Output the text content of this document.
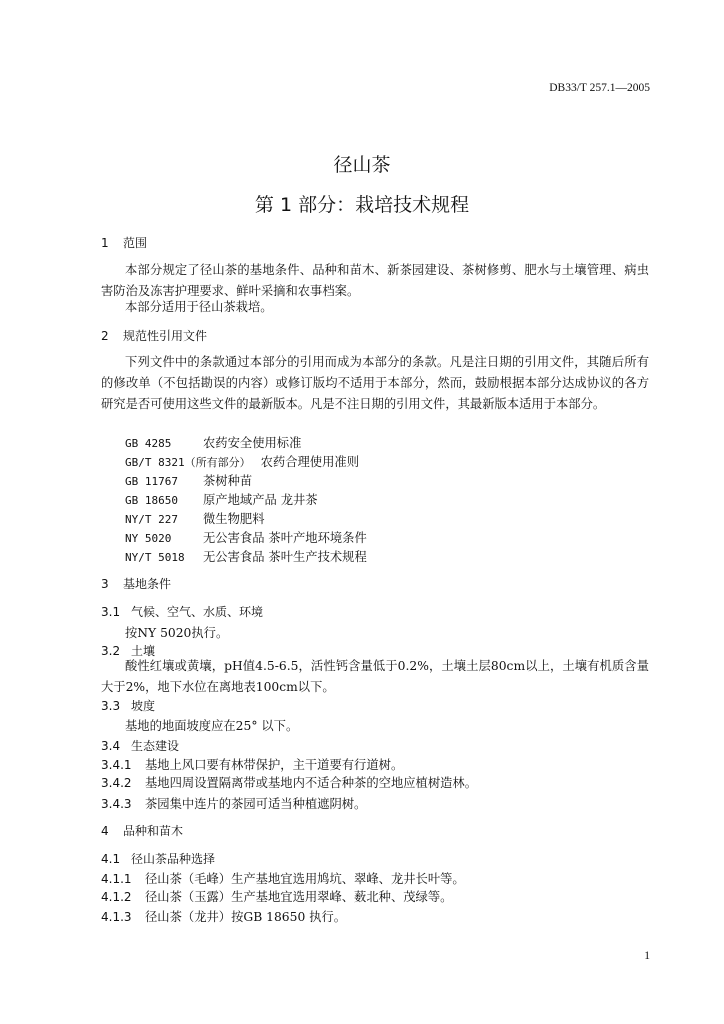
DB33/T 257.1—2005
径山茶
第 1 部分：栽培技术规程
1 范围
本部分规定了径山茶的基地条件、品种和苗木、新茶园建设、茶树修剪、肥水与土壤管理、病虫害防治及冻害护理要求、鲜叶采摘和农事档案。
本部分适用于径山茶栽培。
2 规范性引用文件
下列文件中的条款通过本部分的引用而成为本部分的条款。凡是注日期的引用文件，其随后所有的修改单（不包括勘误的内容）或修订版均不适用于本部分，然而，鼓励根据本部分达成协议的各方研究是否可使用这些文件的最新版本。凡是不注日期的引用文件，其最新版本适用于本部分。
GB 4285	农药安全使用标准
GB/T 8321（所有部分） 农药合理使用准则
GB 11767 茶树种苗
GB 18650 原产地域产品 龙井茶
NY/T 227 微生物肥料
NY 5020	无公害食品 茶叶产地环境条件
NY/T 5018 无公害食品 茶叶生产技术规程
3 基地条件
3.1 气候、空气、水质、环境
按NY 5020执行。
3.2 土壤
酸性红壤或黄壤，pH值4.5-6.5，活性钙含量低于0.2%，土壤土层80cm以上，土壤有机质含量大于2%，地下水位在离地表100cm以下。
3.3 坡度
基地的地面坡度应在25° 以下。
3.4 生态建设
3.4.1 基地上风口要有林带保护，主干道要有行道树。
3.4.2 基地四周设置隔离带或基地内不适合种茶的空地应植树造林。
3.4.3 茶园集中连片的茶园可适当种植遮阴树。
4 品种和苗木
4.1 径山茶品种选择
4.1.1 径山茶（毛峰）生产基地宜选用鸠坑、翠峰、龙井长叶等。
4.1.2 径山茶（玉露）生产基地宜选用翠峰、薮北种、茂绿等。
4.1.3 径山茶（龙井）按GB 18650 执行。
1
